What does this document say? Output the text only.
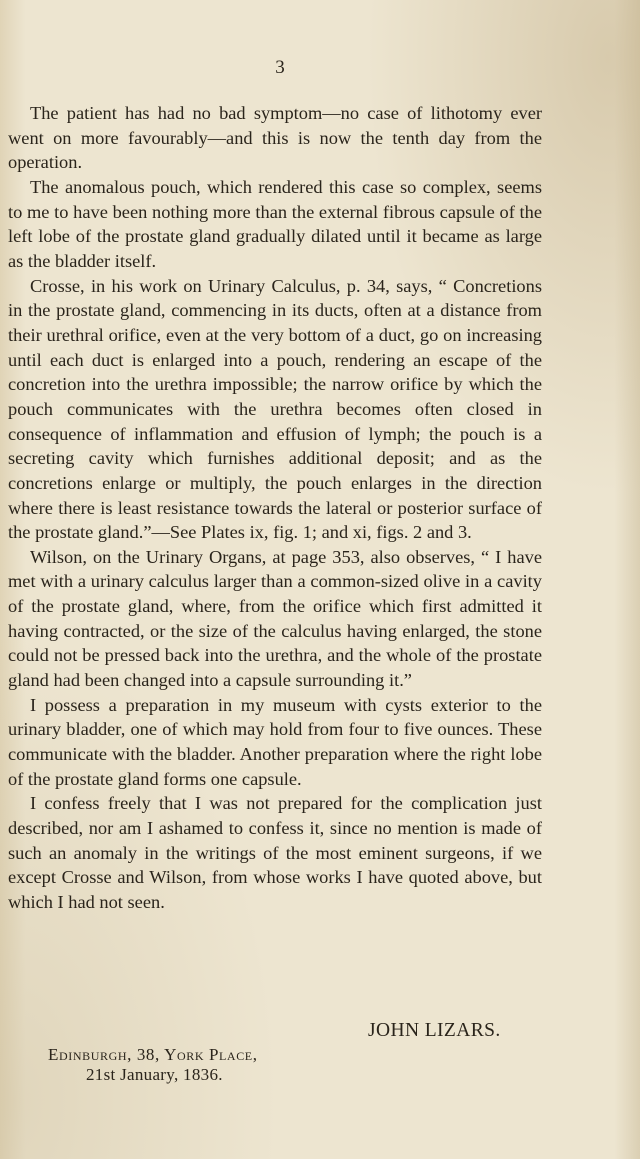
3

The patient has had no bad symptom—no case of lithotomy ever went on more favourably—and this is now the tenth day from the operation.

The anomalous pouch, which rendered this case so complex, seems to me to have been nothing more than the external fibrous capsule of the left lobe of the prostate gland gradually dilated until it became as large as the bladder itself.

Crosse, in his work on Urinary Calculus, p. 34, says, “ Concretions in the prostate gland, commencing in its ducts, often at a distance from their urethral orifice, even at the very bottom of a duct, go on increasing until each duct is enlarged into a pouch, rendering an escape of the concretion into the urethra impossible; the narrow orifice by which the pouch communicates with the urethra becomes often closed in consequence of inflammation and effusion of lymph; the pouch is a secreting cavity which furnishes additional deposit; and as the concretions enlarge or multiply, the pouch enlarges in the direction where there is least resistance towards the lateral or posterior surface of the prostate gland.”—See Plates ix, fig. 1; and xi, figs. 2 and 3.

Wilson, on the Urinary Organs, at page 353, also observes, “ I have met with a urinary calculus larger than a common-sized olive in a cavity of the prostate gland, where, from the orifice which first admitted it having contracted, or the size of the calculus having enlarged, the stone could not be pressed back into the urethra, and the whole of the prostate gland had been changed into a capsule surrounding it.”

I possess a preparation in my museum with cysts exterior to the urinary bladder, one of which may hold from four to five ounces. These communicate with the bladder. Another preparation where the right lobe of the prostate gland forms one capsule.

I confess freely that I was not prepared for the complication just described, nor am I ashamed to confess it, since no mention is made of such an anomaly in the writings of the most eminent surgeons, if we except Crosse and Wilson, from whose works I have quoted above, but which I had not seen.

JOHN LIZARS.
Edinburgh, 38, York Place,
21st January, 1836.
